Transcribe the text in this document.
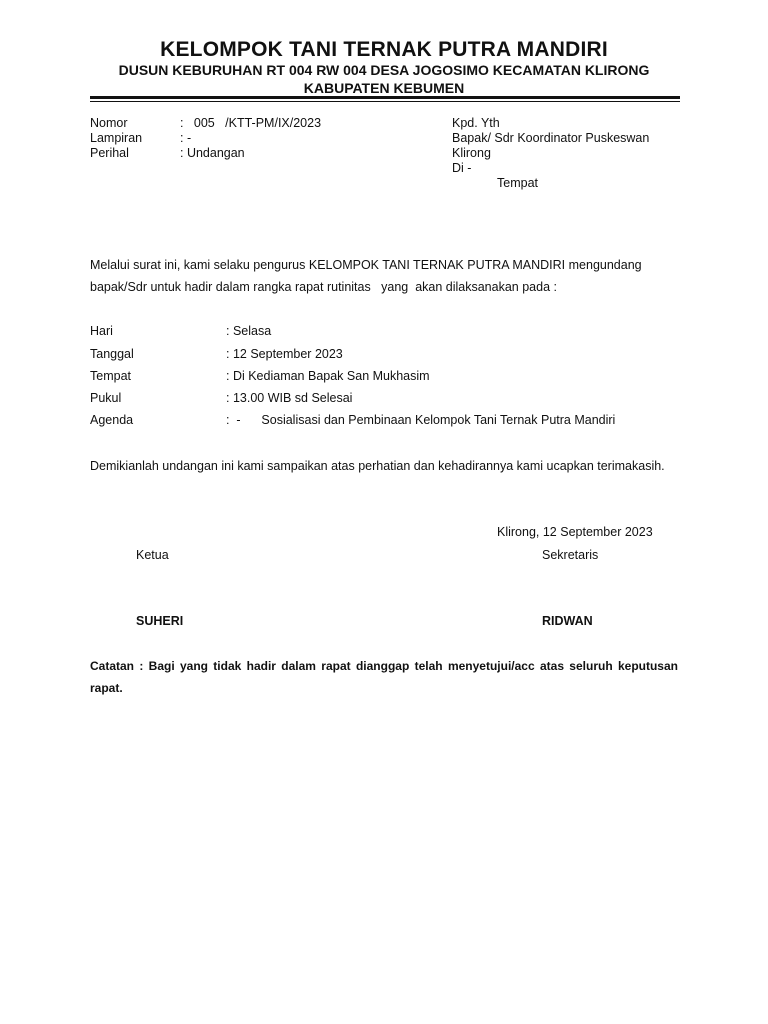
KELOMPOK TANI TERNAK PUTRA MANDIRI
DUSUN KEBURUHAN RT 004 RW 004 DESA JOGOSIMO KECAMATAN KLIRONG
KABUPATEN KEBUMEN
Nomor	:   005   /KTT-PM/IX/2023
Lampiran	: -
Perihal	: Undangan
Kpd. Yth
Bapak/ Sdr Koordinator Puskeswan
Klirong
Di -
Tempat
Melalui surat ini, kami selaku pengurus KELOMPOK TANI TERNAK PUTRA MANDIRI mengundang
bapak/Sdr untuk hadir dalam rangka rapat rutinitas   yang  akan dilaksanakan pada :
Hari	: Selasa
Tanggal	: 12 September 2023
Tempat	: Di Kediaman Bapak San Mukhasim
Pukul	: 13.00 WIB sd Selesai
Agenda	:  -      Sosialisasi dan Pembinaan Kelompok Tani Ternak Putra Mandiri
Demikianlah undangan ini kami sampaikan atas perhatian dan kehadirannya kami ucapkan terimakasih.
Klirong, 12 September 2023
Ketua	Sekretaris
SUHERI	RIDWAN
Catatan : Bagi yang tidak hadir dalam rapat dianggap telah menyetujui/acc atas seluruh keputusan rapat.
